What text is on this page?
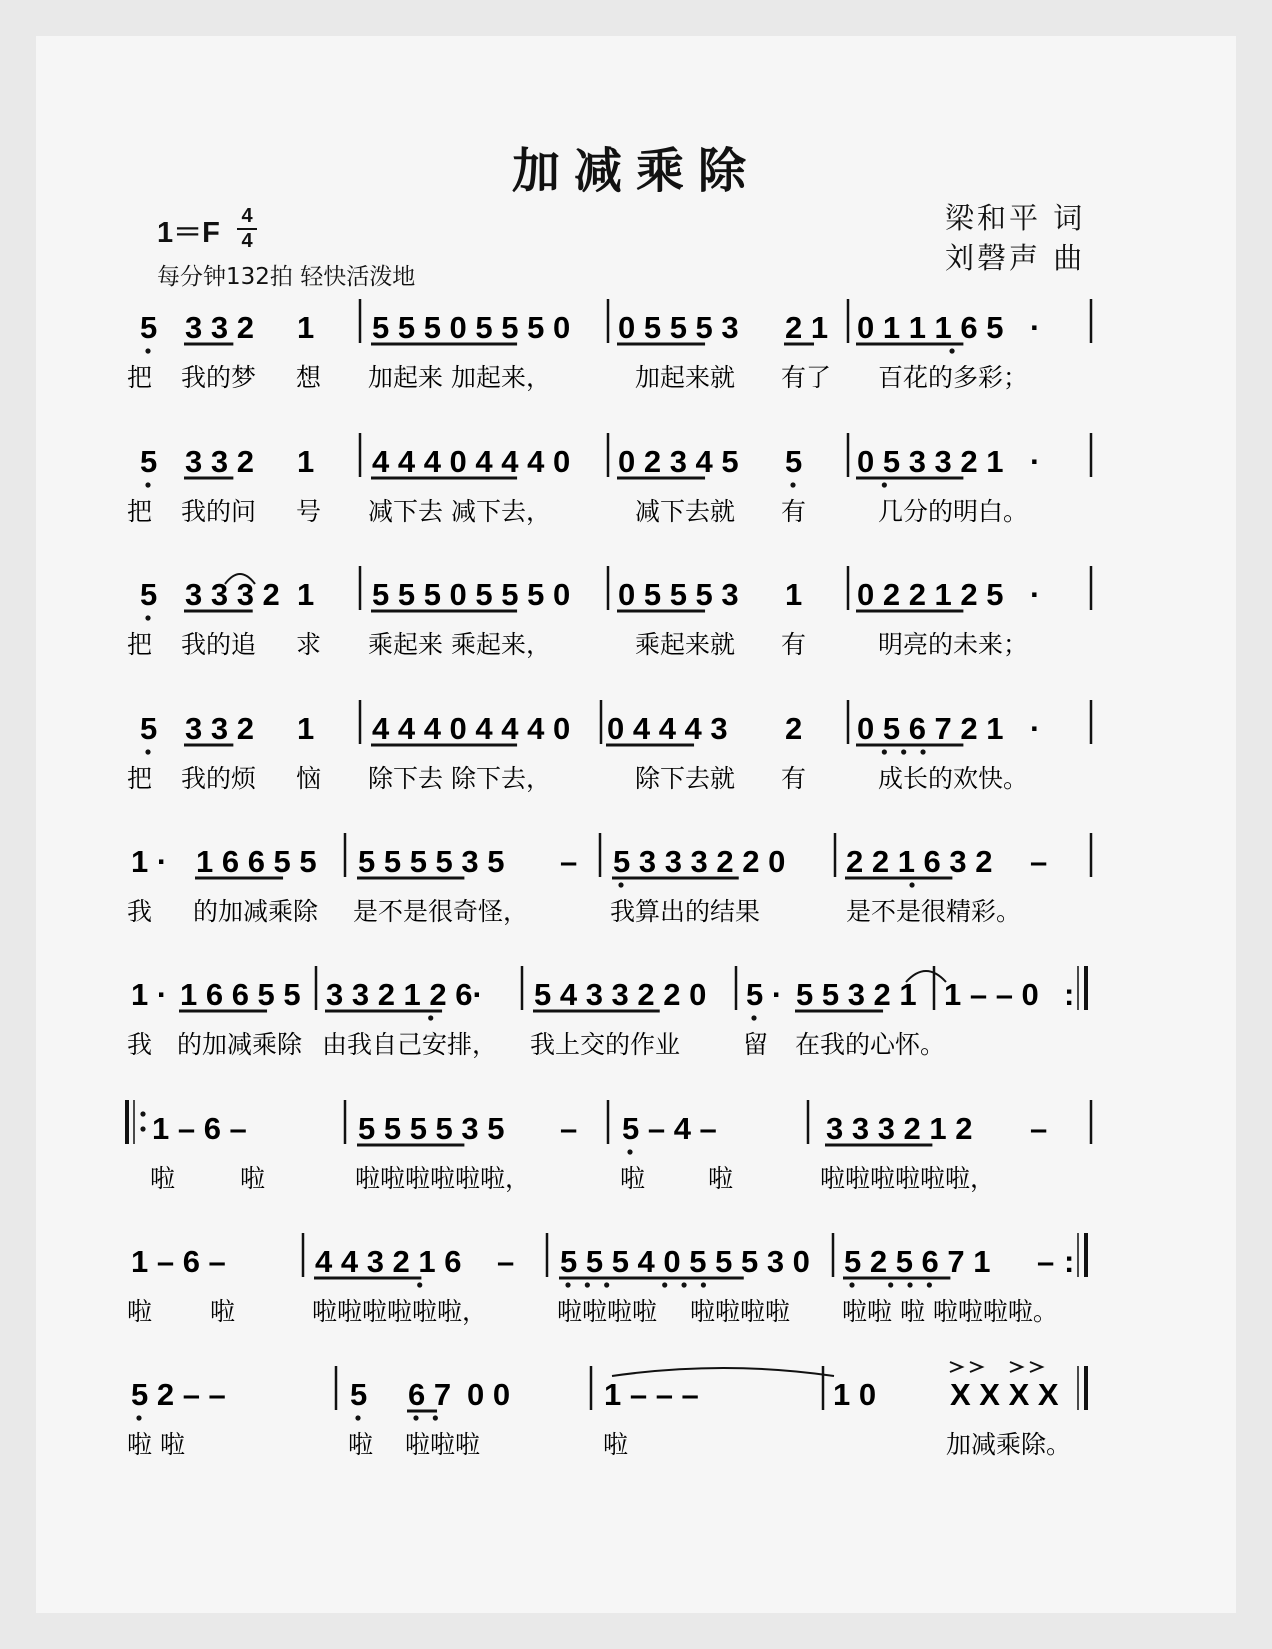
加减乘除
1＝F
4
4
每分钟132拍 轻快活泼地
梁和平 词
刘磬声 曲
5 3 3 2 1 5 5 5 0 5 5 5 0 0 5 5 5 3 2 1 0 1 1 1 6 5 ·
把 我的梦 想 加起来 加起来，	加起来就 有了 百花的多彩；
5 3 3 2 1 4 4 4 0 4 4 4 0 0 2 3 4 5 5 0 5 3 3 2 1 ·
把 我的问 号 减下去 减下去，	减下去就 有	几分的明白。
5 3 3 3 2 1 5 5 5 0 5 5 5 0 0 5 5 5 3 1 0 2 2 1 2 5 ·
把 我的追 求 乘起来 乘起来，	乘起来就 有	明亮的未来；
5 3 3 2 1 4 4 4 0 4 4 4 0 0 4 4 4 3 2 0 5 6 7 2 1 ·
把 我的烦 恼 除下去 除下去，	除下去就 有	成长的欢快。
1 · 1 6 6 5 5 5 5 5 5 3 5 – 5 3 3 3 2 2 0 2 2 1 6 3 2 –
我 的加减乘除 是不是很奇怪，	我算出的结果	是不是很精彩。
1 · 1 6 6 5 5 3 3 2 1 2 6· 5 4 3 3 2 2 0 5 · 5 5 3 2 1 1 – – 0 :
我 的加减乘除 由我自己安排， 我上交的作业	留 在我的心怀。
1 – 6 –	5 5 5 5 3 5 – 5 – 4 –	3 3 3 2 1 2 –
啦	啦	啦啦啦啦啦啦，	啦	啦	啦啦啦啦啦啦，
1 – 6 –	4 4 3 2 1 6 – 5 5 5 4 0 5 5 5 3 0 5 2 5 6 7 1 – :
啦 啦	啦啦啦啦啦啦，	啦啦啦啦 啦啦啦啦 啦啦 啦 啦啦啦啦。
5 2 – –	5 6 7 0 0	1 – – –	1 0 X X X X
啦 啦	啦 啦啦啦	啦	加减乘除。
